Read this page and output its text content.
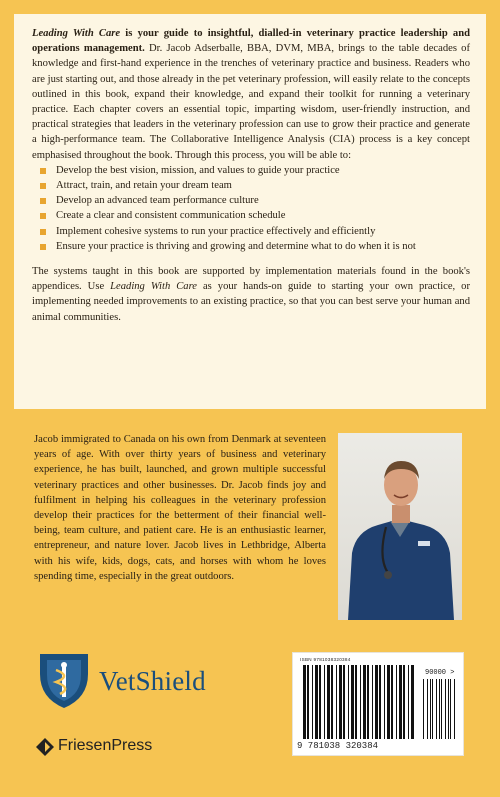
Leading With Care is your guide to insightful, dialled-in veterinary practice leadership and operations management. Dr. Jacob Adserballe, BBA, DVM, MBA, brings to the table decades of knowledge and first-hand experience in the trenches of veterinary practice and business. Readers who are just starting out, and those already in the pet veterinary profession, will easily relate to the concepts outlined in this book, expand their knowledge, and expand their toolkit for running a veterinary practice. Each chapter covers an essential topic, imparting wisdom, user-friendly instruction, and practical strategies that leaders in the veterinary profession can use to grow their practice and generate a high-performance team. The Collaborative Intelligence Analysis (CIA) process is a key concept emphasised throughout the book. Through this process, you will be able to:

Develop the best vision, mission, and values to guide your practice
Attract, train, and retain your dream team
Develop an advanced team performance culture
Create a clear and consistent communication schedule
Implement cohesive systems to run your practice effectively and efficiently
Ensure your practice is thriving and growing and determine what to do when it is not

The systems taught in this book are supported by implementation materials found in the book's appendices. Use Leading With Care as your hands-on guide to starting your own practice, or implementing needed improvements to an existing practice, so that you can best serve your human and animal communities.

Jacob immigrated to Canada on his own from Denmark at seventeen years of age. With over thirty years of business and veterinary experience, he has built, launched, and grown multiple successful veterinary practices and other businesses. Dr. Jacob finds joy and fulfilment in helping his colleagues in the veterinary profession develop their practices for the betterment of their financial well-being, team culture, and patient care. He is an enthusiastic learner, entrepreneur, and nature lover. Jacob lives in Lethbridge, Alberta with his wife, kids, dogs, cats, and horses with whom he loves spending time, especially in the great outdoors.
VetShield
FriesenPress
ISBN 9781038320384
90000 >
9 781038 320384
